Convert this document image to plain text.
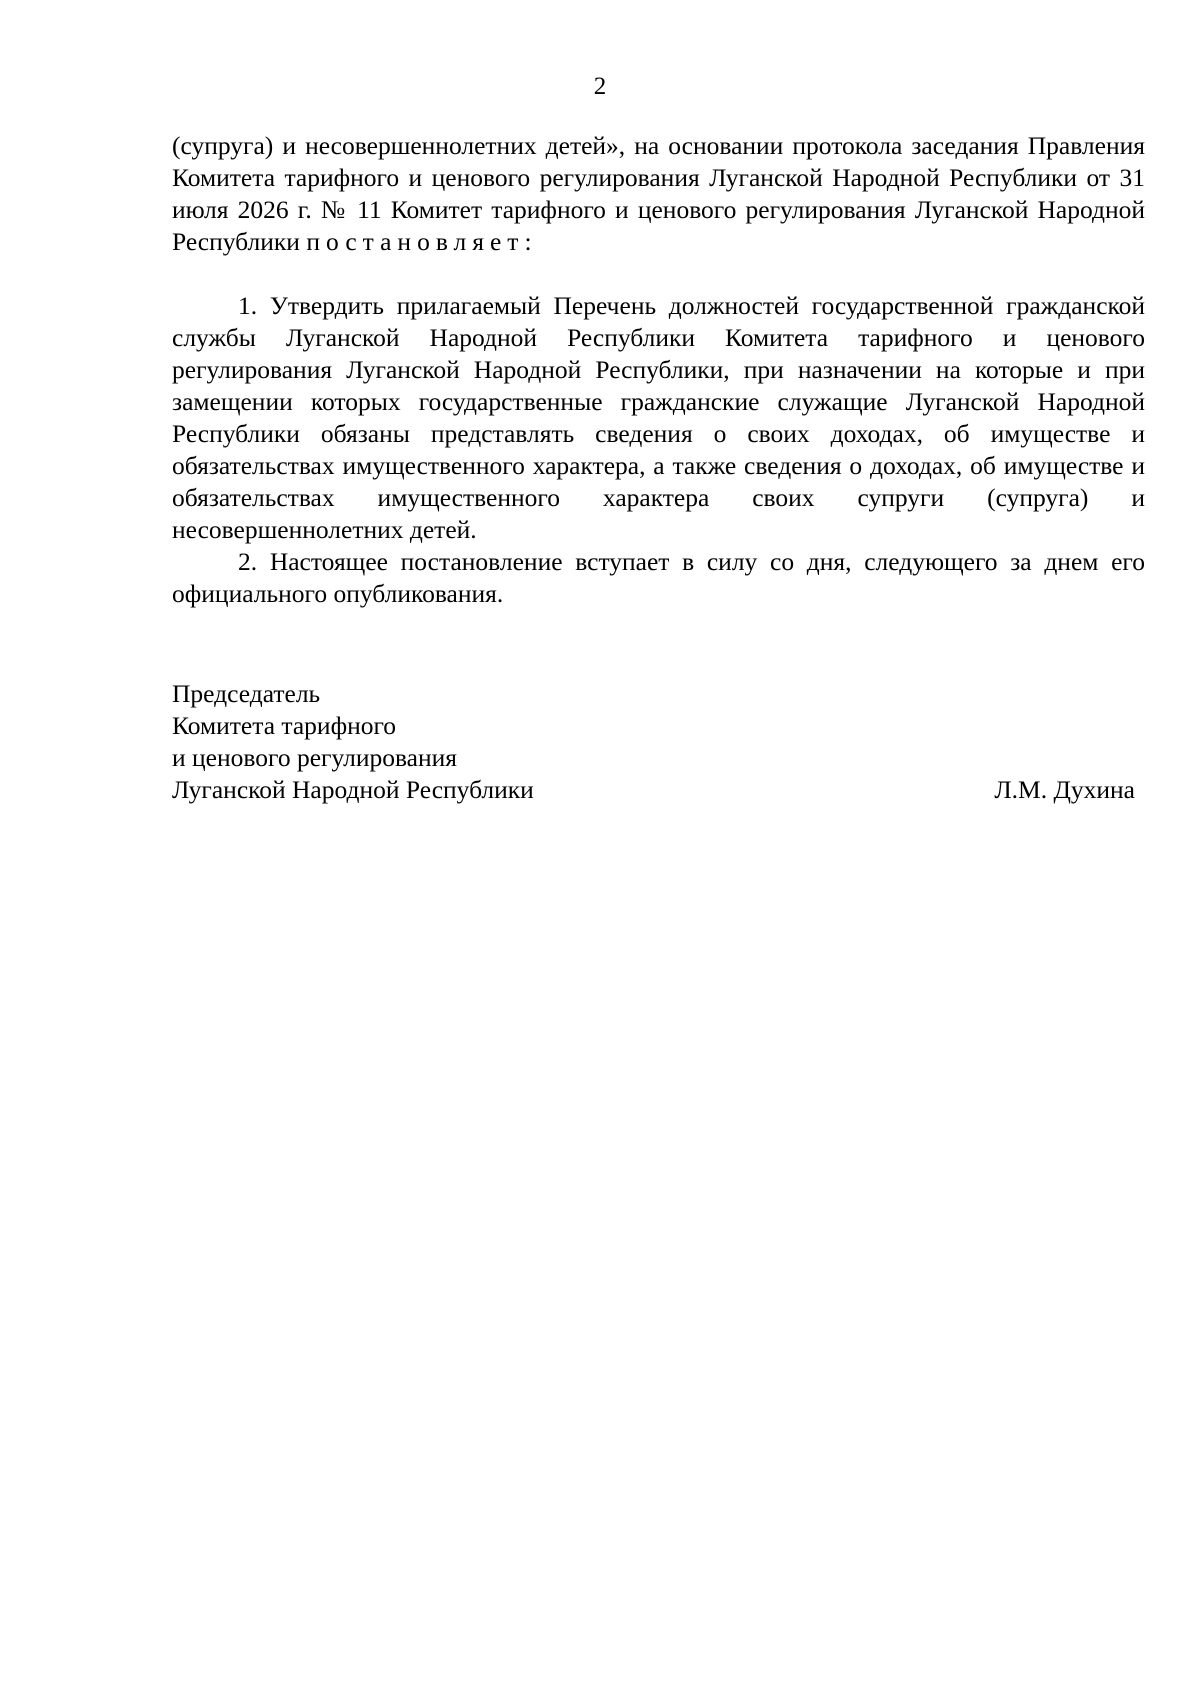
2
(супруга) и несовершеннолетних детей», на основании протокола заседания Правления Комитета тарифного и ценового регулирования Луганской Народной Республики от 31 июля 2026 г. № 11 Комитет тарифного и ценового регулирования Луганской Народной Республики постановляет:
1. Утвердить прилагаемый Перечень должностей государственной гражданской службы Луганской Народной Республики Комитета тарифного и ценового регулирования Луганской Народной Республики, при назначении на которые и при замещении которых государственные гражданские служащие Луганской Народной Республики обязаны представлять сведения о своих доходах, об имуществе и обязательствах имущественного характера, а также сведения о доходах, об имуществе и обязательствах имущественного характера своих супруги (супруга) и несовершеннолетних детей.
2. Настоящее постановление вступает в силу со дня, следующего за днем его официального опубликования.
Председатель
Комитета тарифного
и ценового регулирования
Луганской Народной Республики	Л.М. Духина
